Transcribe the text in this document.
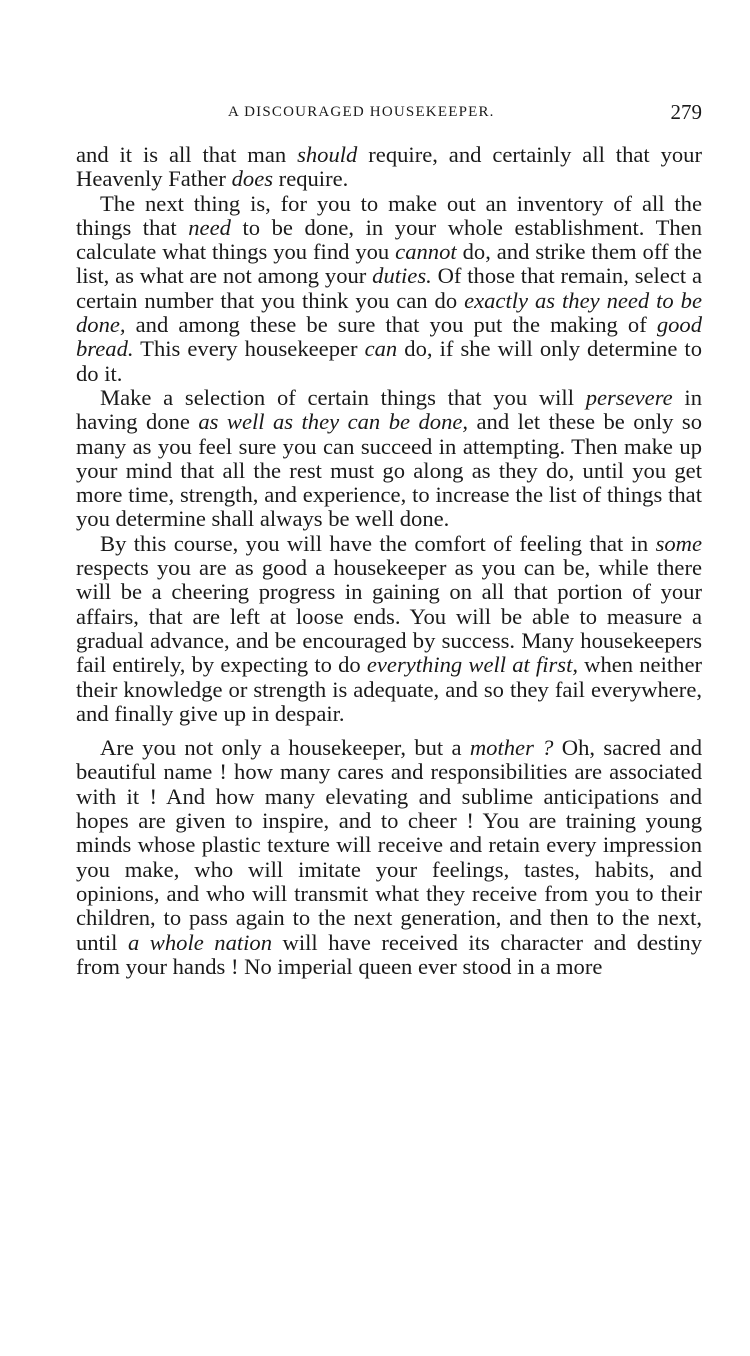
A DISCOURAGED HOUSEKEEPER.	279

and it is all that man should require, and certainly all that your Heavenly Father does require.

The next thing is, for you to make out an inventory of all the things that need to be done, in your whole establishment. Then calculate what things you find you cannot do, and strike them off the list, as what are not among your duties. Of those that remain, select a certain number that you think you can do exactly as they need to be done, and among these be sure that you put the making of good bread. This every housekeeper can do, if she will only determine to do it.

Make a selection of certain things that you will persevere in having done as well as they can be done, and let these be only so many as you feel sure you can succeed in attempting. Then make up your mind that all the rest must go along as they do, until you get more time, strength, and experience, to increase the list of things that you determine shall always be well done.

By this course, you will have the comfort of feeling that in some respects you are as good a housekeeper as you can be, while there will be a cheering progress in gaining on all that portion of your affairs, that are left at loose ends. You will be able to measure a gradual advance, and be encouraged by success. Many housekeepers fail entirely, by expecting to do everything well at first, when neither their knowledge or strength is adequate, and so they fail everywhere, and finally give up in despair.

Are you not only a housekeeper, but a mother ? Oh, sacred and beautiful name ! how many cares and responsibilities are associated with it ! And how many elevating and sublime anticipations and hopes are given to inspire, and to cheer ! You are training young minds whose plastic texture will receive and retain every impression you make, who will imitate your feelings, tastes, habits, and opinions, and who will transmit what they receive from you to their children, to pass again to the next generation, and then to the next, until a whole nation will have received its character and destiny from your hands ! No imperial queen ever stood in a more
